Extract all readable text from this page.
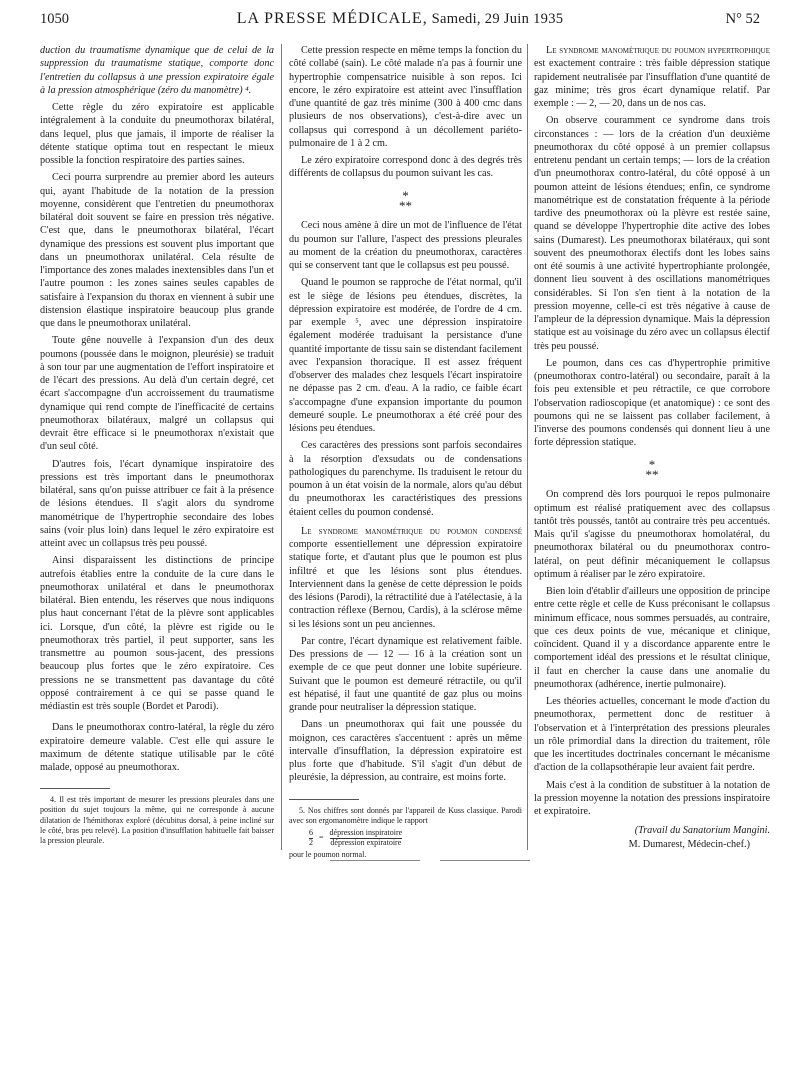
1050	LA PRESSE MÉDICALE, Samedi, 29 Juin 1935	N° 52

duction du traumatisme dynamique que de celui de la suppression du traumatisme statique, comporte donc l'entretien du collapsus à une pression expiratoire égale à la pression atmosphérique (zéro du manomètre) ⁴.

Cette règle du zéro expiratoire est applicable intégralement à la conduite du pneumothorax bilatéral, dans lequel, plus que jamais, il importe de réaliser la détente statique optima tout en respectant le mieux possible la fonction respiratoire des parties saines.

Ceci pourra surprendre au premier abord les auteurs qui, ayant l'habitude de la notation de la pression moyenne, considèrent que l'entretien du pneumothorax bilatéral doit souvent se faire en pression très négative. C'est que, dans le pneumothorax bilatéral, l'écart dynamique des pressions est souvent plus important que dans un pneumothorax unilatéral. Cela résulte de l'importance des zones malades inextensibles dans l'un et l'autre poumon : les zones saines seules capables de satisfaire à l'expansion du thorax en viennent à subir une distension élastique inspiratoire beaucoup plus grande que dans le pneumothorax unilatéral.

Toute gêne nouvelle à l'expansion d'un des deux poumons (poussée dans le moignon, pleurésie) se traduit à son tour par une augmentation de l'effort inspiratoire et de l'écart des pressions. Au delà d'un certain degré, cet écart s'accompagne d'un accroissement du traumatisme dynamique qui rend compte de l'inefficacité de certains pneumothorax bilatéraux, malgré un collapsus qui devrait être efficace si le pneumothorax n'existait que d'un seul côté.

D'autres fois, l'écart dynamique inspiratoire des pressions est très important dans le pneumothorax bilatéral, sans qu'on puisse attribuer ce fait à la présence de lésions étendues. Il s'agit alors du syndrome manométrique de l'hypertrophie secondaire des lobes sains (voir plus loin) dans lequel le zéro expiratoire est atteint avec un collapsus très peu poussé.

Ainsi disparaissent les distinctions de principe autrefois établies entre la conduite de la cure dans le pneumothorax unilatéral et dans le pneumothorax bilatéral. Bien entendu, les réserves que nous indiquons plus haut concernant l'état de la plèvre sont applicables ici. Lorsque, d'un côté, la plèvre est rigide ou le pneumothorax très partiel, il peut supporter, sans les transmettre au poumon sous-jacent, des pressions beaucoup plus fortes que le zéro expiratoire. Ces pressions ne se transmettent pas davantage du côté opposé contrairement à ce qui se passe quand le médiastin est très souple (Bordet et Parodi).

Dans le pneumothorax contro-latéral, la règle du zéro expiratoire demeure valable. C'est elle qui assure le maximum de détente statique utilisable par le côté malade, opposé au pneumothorax.

4. Il est très important de mesurer les pressions pleurales dans une position du sujet toujours la même, qui ne corresponde à aucune dilatation de l'hémithorax exploré (décubitus dorsal, à peine incliné sur le côté, bras peu relevé). La position d'insufflation habituelle fait baisser la pression pleurale.

Cette pression respecte en même temps la fonction du côté collabé (sain). Le côté malade n'a pas à fournir une hypertrophie compensatrice nuisible à son repos. Ici encore, le zéro expiratoire est atteint avec l'insufflation d'une quantité de gaz très minime (300 à 400 cmc dans plusieurs de nos observations), c'est-à-dire avec un collapsus qui correspond à un décollement pariéto-pulmonaire de 1 à 2 cm.

Le zéro expiratoire correspond donc à des degrés très différents de collapsus du poumon suivant les cas.

*
**

Ceci nous amène à dire un mot de l'influence de l'état du poumon sur l'allure, l'aspect des pressions pleurales au moment de la création du pneumothorax, caractères qui se conservent tant que le collapsus est peu poussé.

Quand le poumon se rapproche de l'état normal, qu'il est le siège de lésions peu étendues, discrètes, la dépression expiratoire est modérée, de l'ordre de 4 cm. par exemple ⁵, avec une dépression inspiratoire également modérée traduisant la persistance d'une quantité importante de tissu sain se distendant facilement avec l'expansion thoracique. Il est assez fréquent d'observer des malades chez lesquels l'écart inspiratoire ne dépasse pas 2 cm. d'eau. A la radio, ce faible écart s'accompagne d'une expansion importante du poumon demeuré souple. Le pneumothorax a été créé pour des lésions peu étendues.

Ces caractères des pressions sont parfois secondaires à la résorption d'exsudats ou de condensations pathologiques du parenchyme. Ils traduisent le retour du poumon à un état voisin de la normale, alors qu'au début du pneumothorax les caractéristiques des pressions étaient celles du poumon condensé.

Le syndrome manométrique du poumon condensé comporte essentiellement une dépression expiratoire statique forte, et d'autant plus que le poumon est plus infiltré et que les lésions sont plus étendues. Interviennent dans la genèse de cette dépression le poids des lésions (Parodi), la rétractilité due à l'atélectasie, à la contraction réflexe (Bernou, Cardis), à la sclérose même si les lésions sont un peu anciennes.

Par contre, l'écart dynamique est relativement faible. Des pressions de — 12 — 16 à la création sont un exemple de ce que peut donner une lobite supérieure. Suivant que le poumon est demeuré rétractile, ou qu'il est hépatisé, il faut une quantité de gaz plus ou moins grande pour neutraliser la dépression statique.

Dans un pneumothorax qui fait une poussée du moignon, ces caractères s'accentuent : après un même intervalle d'insufflation, la dépression expiratoire est plus forte que d'habitude. S'il s'agit d'un début de pleurésie, la dépression, au contraire, est moins forte.

5. Nos chiffres sont donnés par l'appareil de Kuss classique. Parodi avec son ergomanomètre indique le rapport

6
2
=
dépression inspiratoire
dépression expiratoire

pour le poumon normal.

Le syndrome manométrique du poumon hypertrophique est exactement contraire : très faible dépression statique rapidement neutralisée par l'insufflation d'une quantité de gaz minime; très gros écart dynamique relatif. Par exemple : — 2, — 20, dans un de nos cas.

On observe couramment ce syndrome dans trois circonstances : — lors de la création d'un deuxième pneumothorax du côté opposé à un premier collapsus entretenu pendant un certain temps; — lors de la création d'un pneumothorax contro-latéral, du côté opposé à un poumon atteint de lésions étendues; enfin, ce syndrome manométrique est de constatation fréquente à la période tardive des pneumothorax où la plèvre est restée saine, quand se développe l'hypertrophie dite active des lobes sains (Dumarest). Les pneumothorax bilatéraux, qui sont souvent des pneumothorax électifs dont les lobes sains ont été soumis à une activité hypertrophiante prolongée, donnent lieu souvent à des oscillations manométriques considérables. Si l'on s'en tient à la notation de la pression moyenne, celle-ci est très négative à cause de l'ampleur de la dépression dynamique. Mais la dépression statique est au voisinage du zéro avec un collapsus électif très peu poussé.

Le poumon, dans ces cas d'hypertrophie primitive (pneumothorax contro-latéral) ou secondaire, paraît à la fois peu extensible et peu rétractile, ce que corrobore l'observation radioscopique (et anatomique) : ce sont des poumons qui ne se laissent pas collaber facilement, à l'inverse des poumons condensés qui donnent lieu à une forte dépression statique.

*
**

On comprend dès lors pourquoi le repos pulmonaire optimum est réalisé pratiquement avec des collapsus tantôt très poussés, tantôt au contraire très peu accentués. Mais qu'il s'agisse du pneumothorax homolatéral, du pneumothorax bilatéral ou du pneumothorax contro-latéral, on peut définir mécaniquement le collapsus optimum à réaliser par le zéro expiratoire.

Bien loin d'établir d'ailleurs une opposition de principe entre cette règle et celle de Kuss préconisant le collapsus minimum efficace, nous sommes persuadés, au contraire, que ces deux points de vue, mécanique et clinique, coïncident. Quand il y a discordance apparente entre le comportement idéal des pressions et le résultat clinique, il faut en chercher la cause dans une anomalie du pneumothorax (adhérence, inertie pulmonaire).

Les théories actuelles, concernant le mode d'action du pneumothorax, permettent donc de restituer à l'observation et à l'interprétation des pressions pleurales un rôle primordial dans la direction du traitement, rôle que les incertitudes doctrinales concernant le mécanisme d'action de la collapsothérapie leur avaient fait perdre.

Mais c'est à la condition de substituer à la notation de la pression moyenne la notation des pressions inspiratoire et expiratoire.

(Travail du Sanatorium Mangini.
M. Dumarest, Médecin-chef.)
